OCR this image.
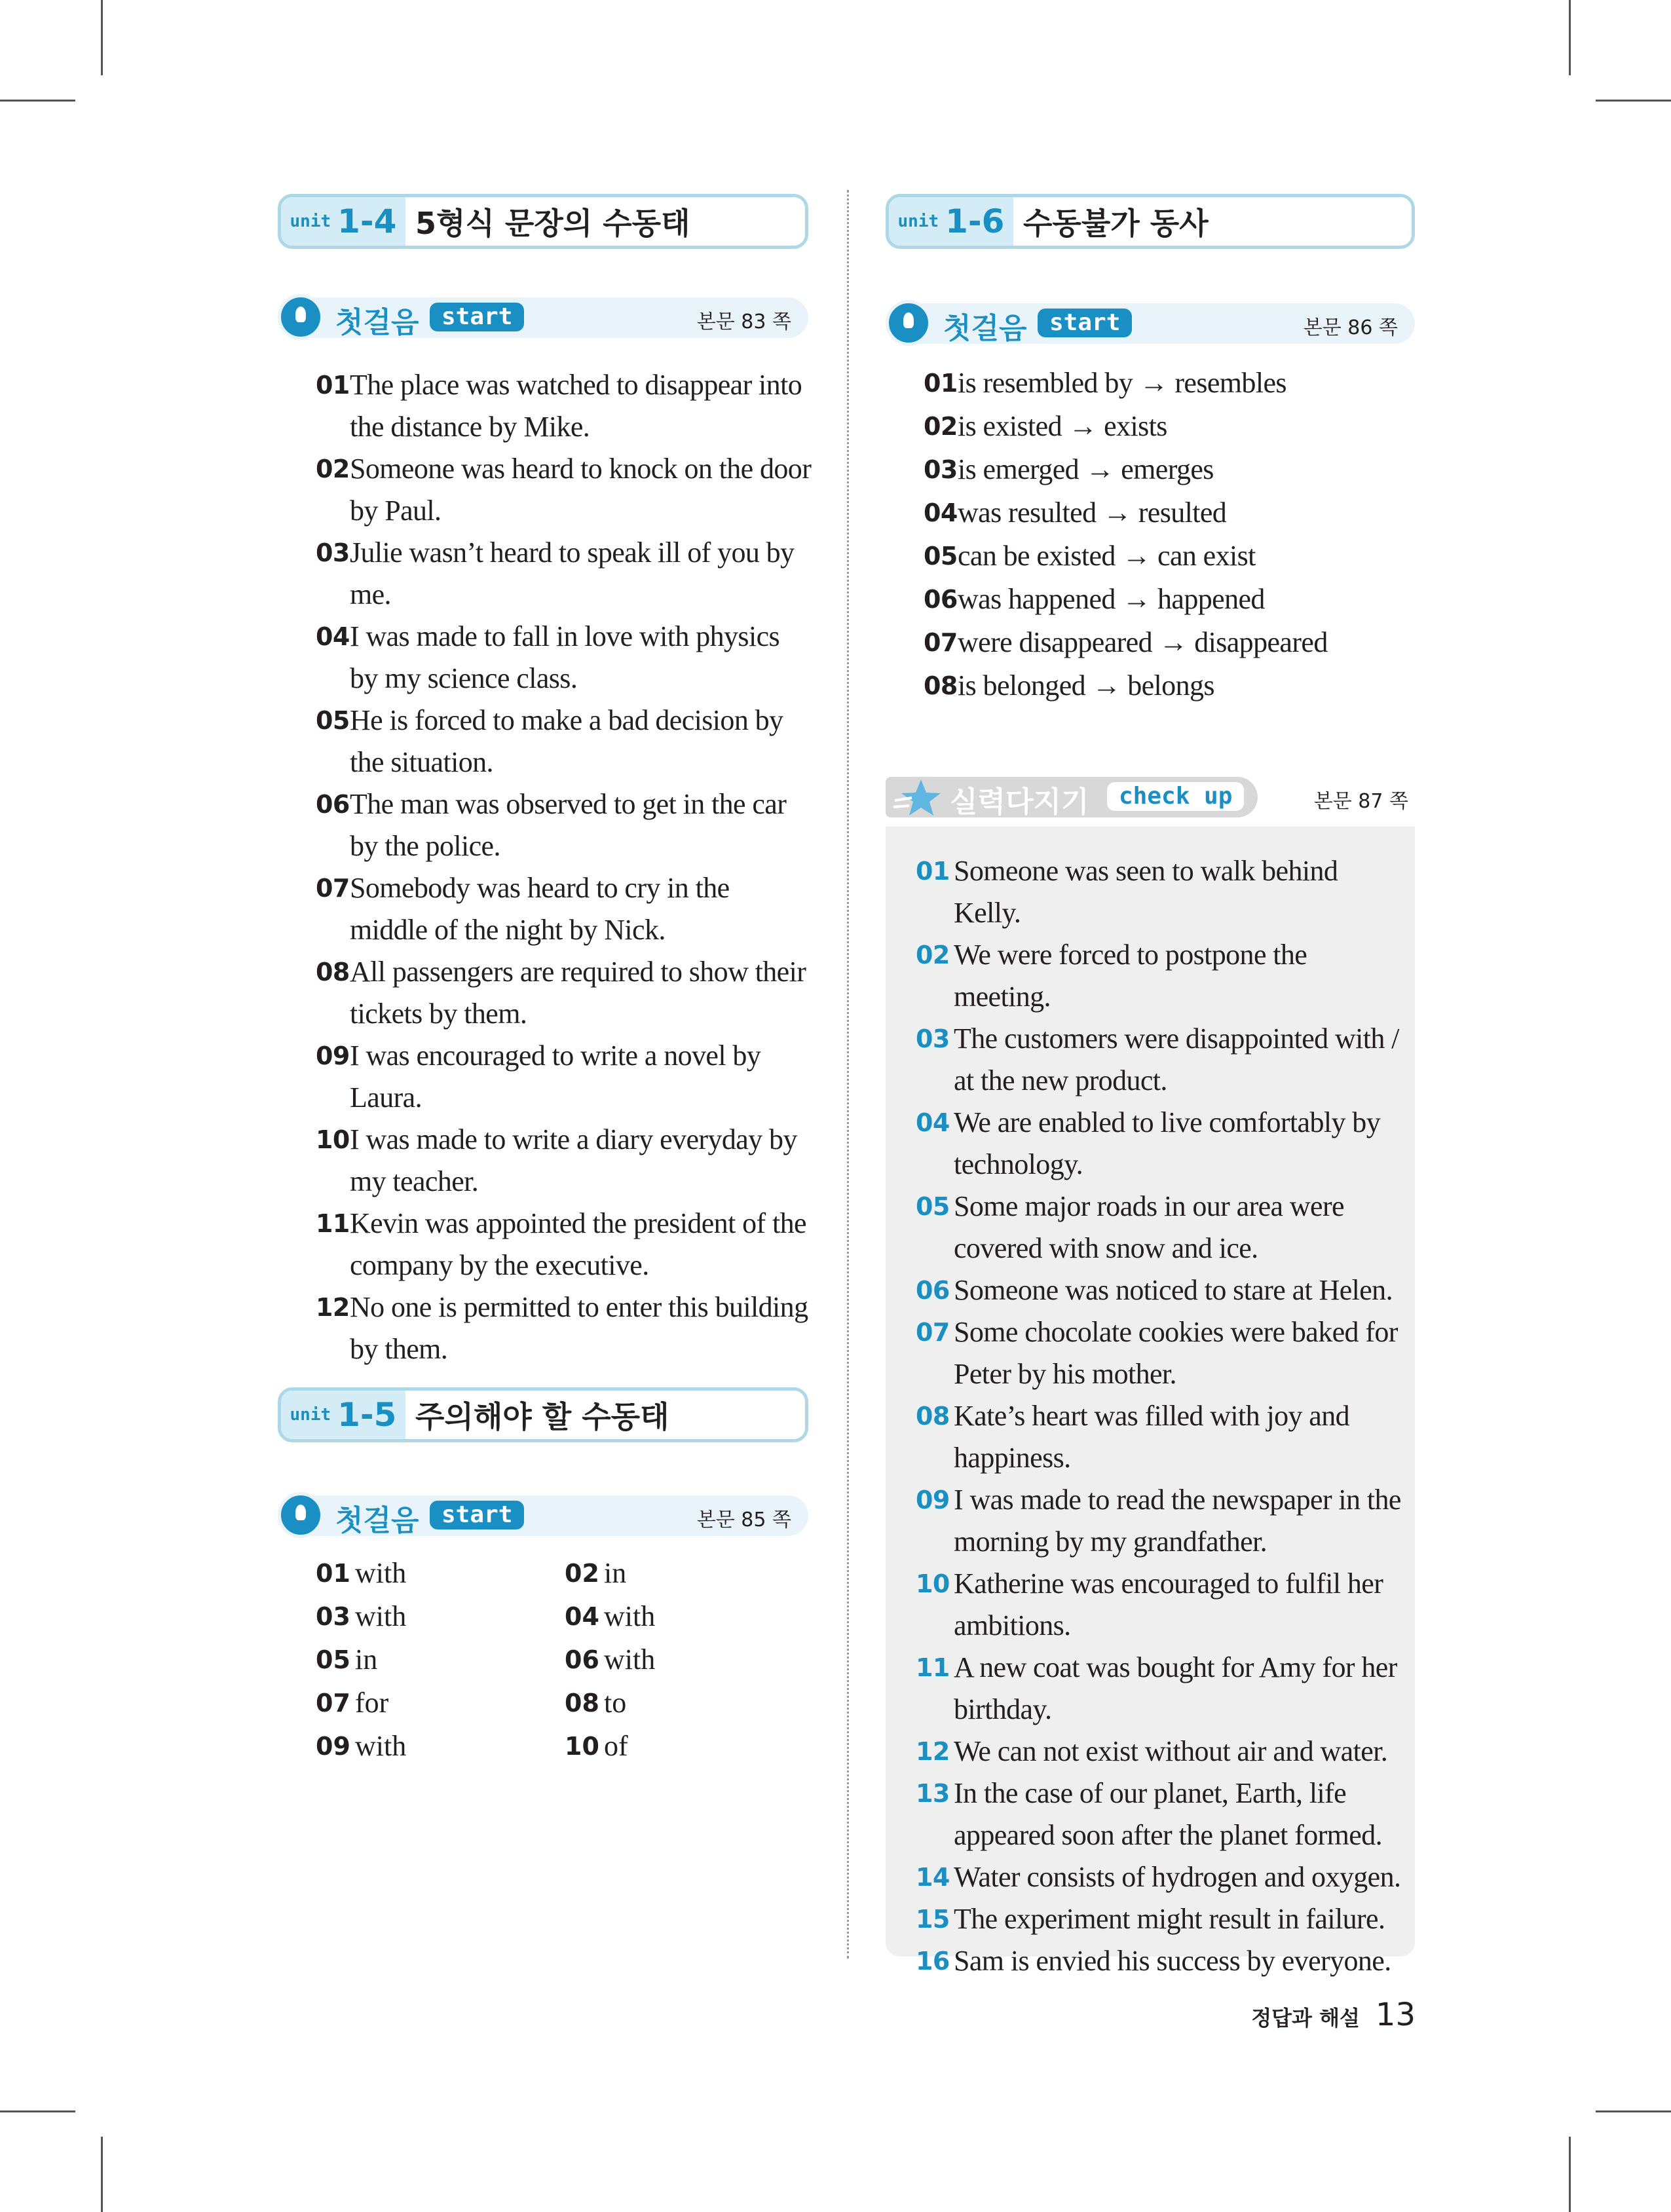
unit 1-4 5형식 문장의 수동태
첫걸음 start	본문 83 쪽
01 The place was watched to disappear into the distance by Mike.
02 Someone was heard to knock on the door by Paul.
03 Julie wasn’t heard to speak ill of you by me.
04 I was made to fall in love with physics by my science class.
05 He is forced to make a bad decision by the situation.
06 The man was observed to get in the car by the police.
07 Somebody was heard to cry in the middle of the night by Nick.
08 All passengers are required to show their tickets by them.
09 I was encouraged to write a novel by Laura.
10 I was made to write a diary everyday by my teacher.
11 Kevin was appointed the president of the company by the executive.
12 No one is permitted to enter this building by them.
unit 1-5 주의해야 할 수동태
첫걸음 start	본문 85 쪽
01 with	02 in
03 with	04 with
05 in	06 with
07 for	08 to
09 with	10 of
unit 1-6 수동불가 동사
첫걸음 start	본문 86 쪽
01 is resembled by → resembles
02 is existed → exists
03 is emerged → emerges
04 was resulted → resulted
05 can be existed → can exist
06 was happened → happened
07 were disappeared → disappeared
08 is belonged → belongs
실력다지기	check up	본문 87 쪽
01 Someone was seen to walk behind Kelly.
02 We were forced to postpone the meeting.
03 The customers were disappointed with / at the new product.
04 We are enabled to live comfortably by technology.
05 Some major roads in our area were covered with snow and ice.
06 Someone was noticed to stare at Helen.
07 Some chocolate cookies were baked for Peter by his mother.
08 Kate’s heart was filled with joy and happiness.
09 I was made to read the newspaper in the morning by my grandfather.
10 Katherine was encouraged to fulfil her ambitions.
11 A new coat was bought for Amy for her birthday.
12 We can not exist without air and water.
13 In the case of our planet, Earth, life appeared soon after the planet formed.
14 Water consists of hydrogen and oxygen.
15 The experiment might result in failure.
16 Sam is envied his success by everyone.
정답과 해설 13
